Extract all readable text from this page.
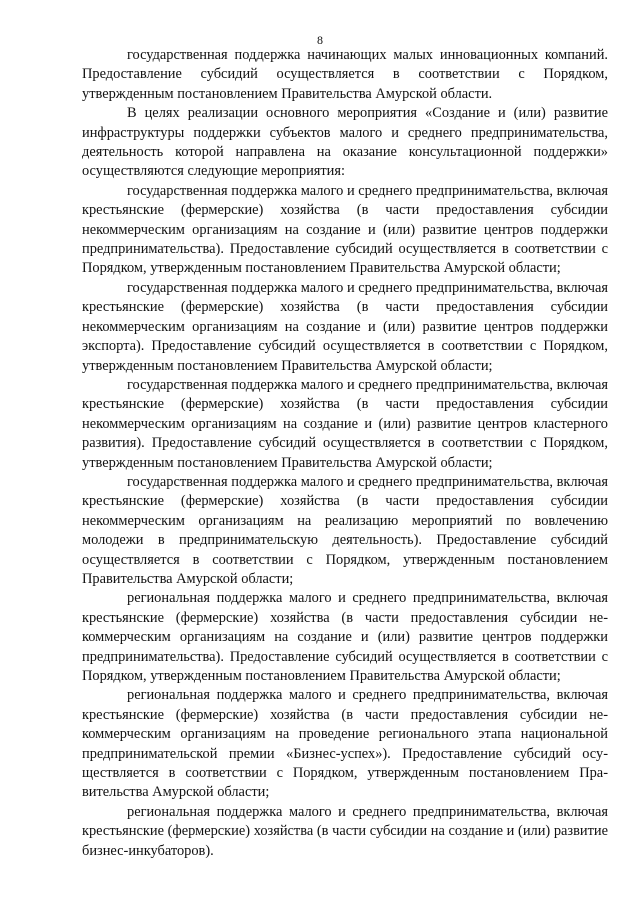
8

государственная поддержка начинающих малых инновационных компаний. Предоставление субсидий осуществляется в соответствии с Порядком, утвержденным постановлением Правительства Амурской области.

В целях реализации основного мероприятия «Создание и (или) развитие инфраструктуры поддержки субъектов малого и среднего предпринимательства, деятельность которой направлена на оказание консультационной поддержки» осуществляются следующие мероприятия:

государственная поддержка малого и среднего предпринимательства, включая крестьянские (фермерские) хозяйства (в части предоставления субсидии некоммерческим организациям на создание и (или) развитие центров поддержки предпринимательства). Предоставление субсидий осуществляется в соответствии с Порядком, утвержденным постановлением Правительства Амурской области;

государственная поддержка малого и среднего предпринимательства, включая крестьянские (фермерские) хозяйства (в части предоставления субсидии некоммерческим организациям на создание и (или) развитие центров поддержки экспорта). Предоставление субсидий осуществляется в соответствии с Порядком, утвержденным постановлением Правительства Амурской области;

государственная поддержка малого и среднего предпринимательства, включая крестьянские (фермерские) хозяйства (в части предоставления субсидии некоммерческим организациям на создание и (или) развитие центров кластерного развития). Предоставление субсидий осуществляется в соответствии с Порядком, утвержденным постановлением Правительства Амурской области;

государственная поддержка малого и среднего предпринимательства, включая крестьянские (фермерские) хозяйства (в части предоставления субсидии некоммерческим организациям на реализацию мероприятий по вовлечению молодежи в предпринимательскую деятельность). Предоставление субсидий осуществляется в соответствии с Порядком, утвержденным постановлением Правительства Амурской области;

региональная поддержка малого и среднего предпринимательства, включая крестьянские (фермерские) хозяйства (в части предоставления субсидии некоммерческим организациям на создание и (или) развитие центров поддержки предпринимательства). Предоставление субсидий осуществляется в соответствии с Порядком, утвержденным постановлением Правительства Амурской области;

региональная поддержка малого и среднего предпринимательства, включая крестьянские (фермерские) хозяйства (в части предоставления субсидии некоммерческим организациям на проведение регионального этапа национальной предпринимательской премии «Бизнес-успех»). Предоставление субсидий осуществляется в соответствии с Порядком, утвержденным постановлением Правительства Амурской области;

региональная поддержка малого и среднего предпринимательства, включая крестьянские (фермерские) хозяйства (в части субсидии на создание и (или) развитие бизнес-инкубаторов).
